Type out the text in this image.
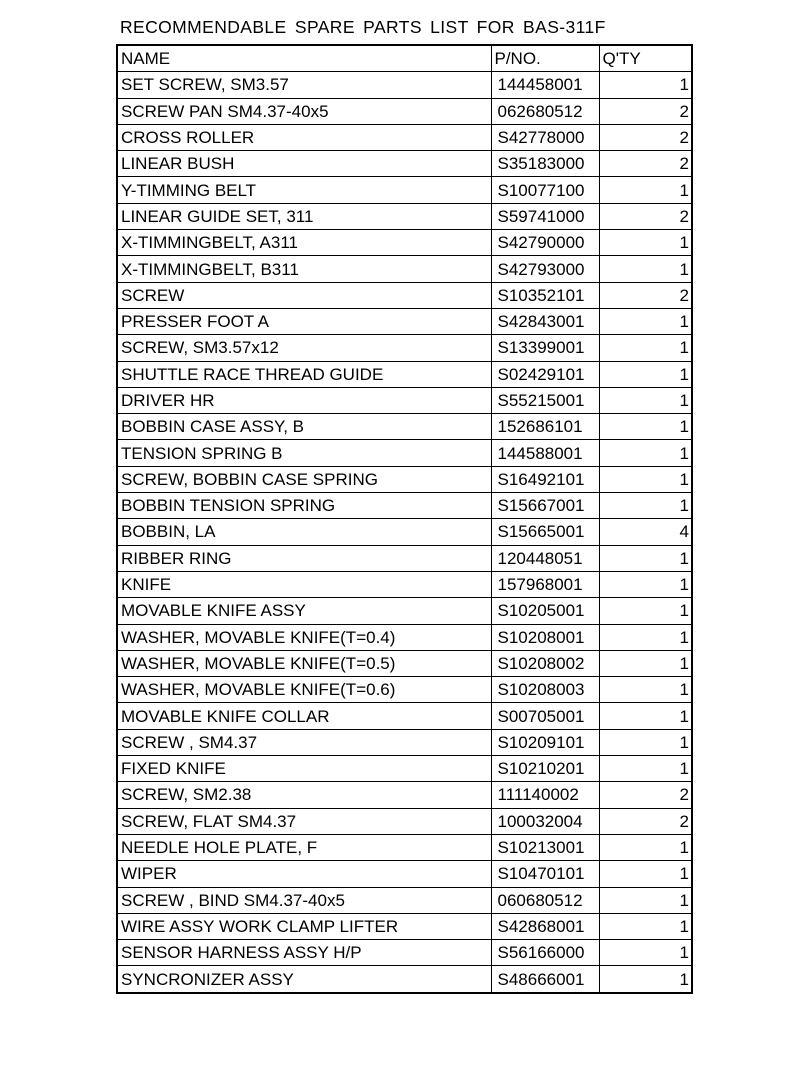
RECOMMENDABLE SPARE PARTS LIST FOR BAS-311F
NAME	P/NO.	Q'TY
SET SCREW, SM3.57	144458001	1
SCREW PAN SM4.37-40x5	062680512	2
CROSS ROLLER	S42778000	2
LINEAR BUSH	S35183000	2
Y-TIMMING BELT	S10077100	1
LINEAR GUIDE SET, 311	S59741000	2
X-TIMMINGBELT, A311	S42790000	1
X-TIMMINGBELT, B311	S42793000	1
SCREW	S10352101	2
PRESSER FOOT A	S42843001	1
SCREW, SM3.57x12	S13399001	1
SHUTTLE RACE THREAD GUIDE	S02429101	1
DRIVER HR	S55215001	1
BOBBIN CASE ASSY, B	152686101	1
TENSION SPRING B	144588001	1
SCREW, BOBBIN CASE SPRING	S16492101	1
BOBBIN TENSION SPRING	S15667001	1
BOBBIN, LA	S15665001	4
RIBBER RING	120448051	1
KNIFE	157968001	1
MOVABLE KNIFE ASSY	S10205001	1
WASHER, MOVABLE KNIFE(T=0.4)	S10208001	1
WASHER, MOVABLE KNIFE(T=0.5)	S10208002	1
WASHER, MOVABLE KNIFE(T=0.6)	S10208003	1
MOVABLE KNIFE COLLAR	S00705001	1
SCREW , SM4.37	S10209101	1
FIXED KNIFE	S10210201	1
SCREW, SM2.38	111140002	2
SCREW, FLAT SM4.37	100032004	2
NEEDLE HOLE PLATE, F	S10213001	1
WIPER	S10470101	1
SCREW , BIND SM4.37-40x5	060680512	1
WIRE ASSY WORK CLAMP LIFTER	S42868001	1
SENSOR HARNESS ASSY H/P	S56166000	1
SYNCRONIZER ASSY	S48666001	1
